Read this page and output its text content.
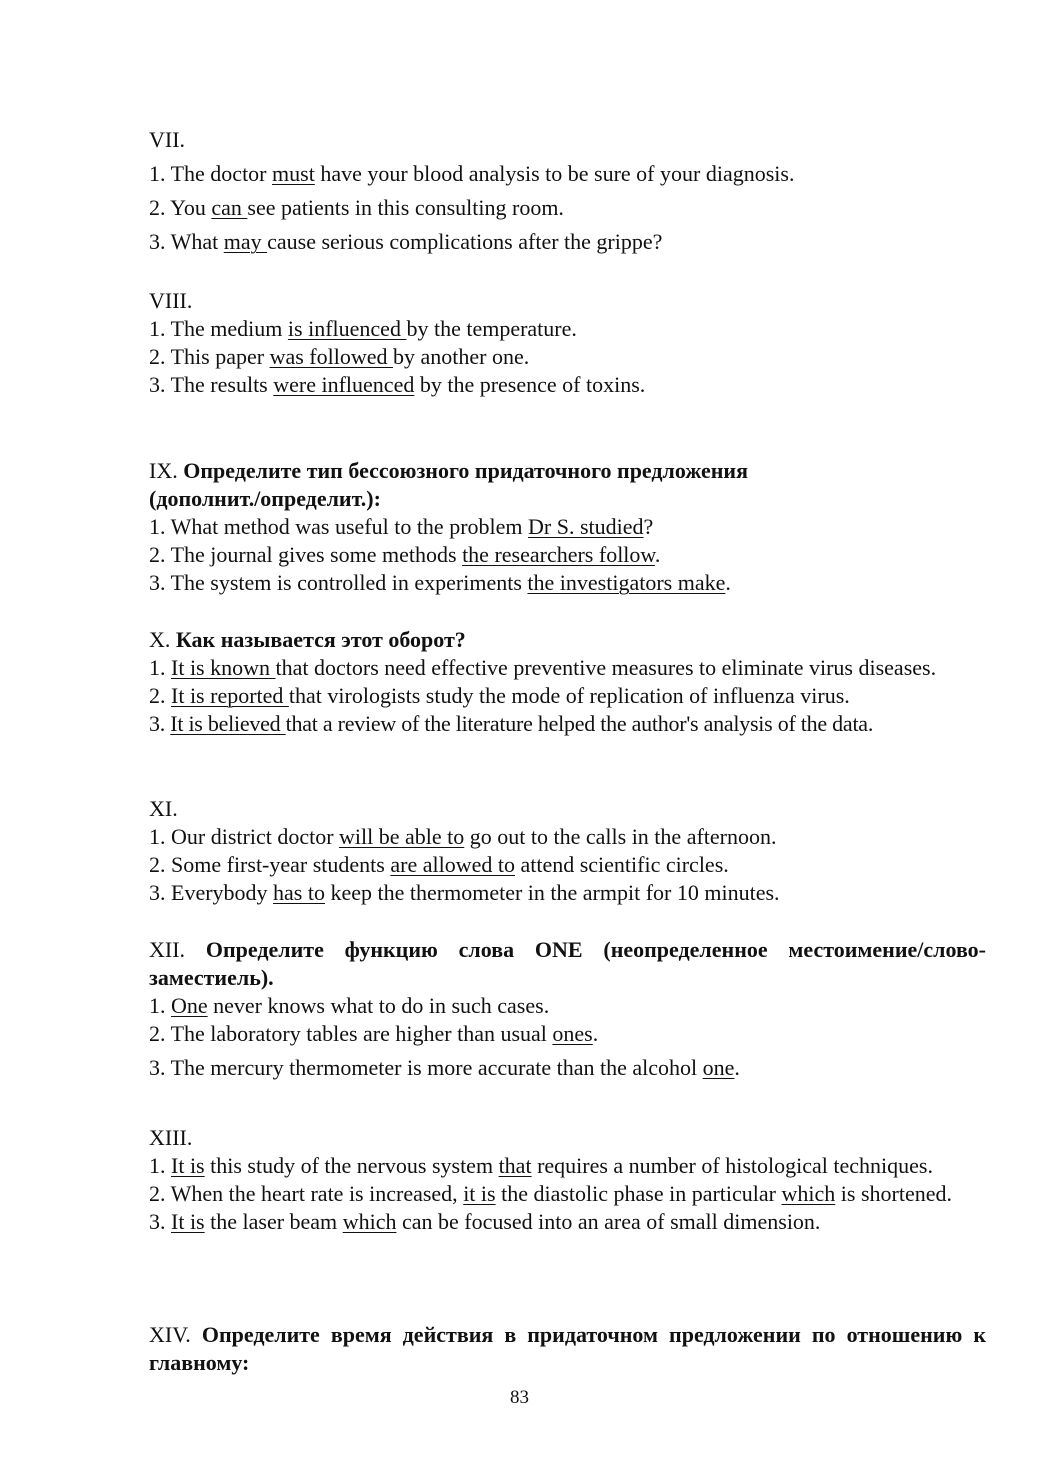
VII.

1. The doctor must have your blood analysis to be sure of your diagnosis.

2. You can see patients in this consulting room.

3. What may cause serious complications after the grippe?

VIII.

1. The medium is influenced by the temperature.

2. This paper was followed by another one.

3. The results were influenced by the presence of toxins.

IX. Определите тип бессоюзного придаточного предложения

(дополнит./определит.):

1. What method was useful to the problem Dr S. studied?

2. The journal gives some methods the researchers follow.

3. The system is controlled in experiments the investigators make.

X. Как называется этот оборот?

1. It is known that doctors need effective preventive measures to eliminate virus diseases.

2. It is reported that virologists study the mode of replication of influenza virus.

3. It is believed that a review of the literature helped the author's analysis of the data.

XI.

1. Our district doctor will be able to go out to the calls in the afternoon.

2. Some first-year students are allowed to attend scientific circles.

3. Everybody has to keep the thermometer in the armpit for 10 minutes.

XII. Определите функцию слова ONE (неопределенное местоимение/слово-заместиель).

1. One never knows what to do in such cases.

2. The laboratory tables are higher than usual ones.

3. The mercury thermometer is more accurate than the alcohol one.

XIII.

1. It is this study of the nervous system that requires a number of histological techniques.

2. When the heart rate is increased, it is the diastolic phase in particular which is shortened.

3. It is the laser beam which can be focused into an area of small dimension.

XIV. Определите время действия в придаточном предложении по отношению к главному:

83
